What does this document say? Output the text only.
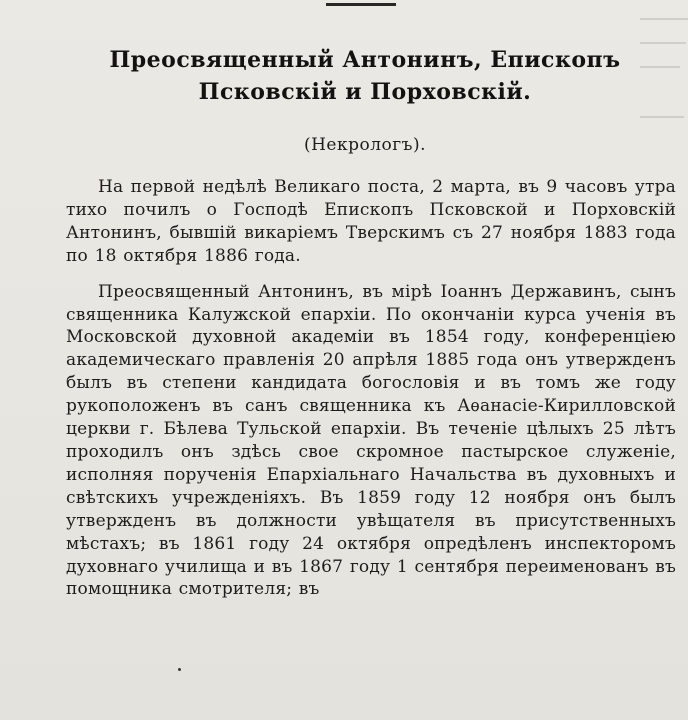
Преосвященный Антонинъ, Епископъ Псковскій и Порховскій.

(Некрологъ).

На первой недѣлѣ Великаго поста, 2 марта, въ 9 часовъ утра тихо почилъ о Господѣ Епископъ Псковской и Порховскій Антонинъ, бывшій викаріемъ Тверскимъ съ 27 ноября 1883 года по 18 октября 1886 года.

Преосвященный Антонинъ, въ мірѣ Іоаннъ Державинъ, сынъ священника Калужской епархіи. По окончаніи курса ученія въ Московской духовной академіи въ 1854 году, конференціею академическаго правленія 20 апрѣля 1885 года онъ утвержденъ былъ въ степени кандидата богословія и въ томъ же году рукоположенъ въ санъ священника къ Аѳанасіе-Кирилловской церкви г. Бѣлева Тульской епархіи. Въ теченіе цѣлыхъ 25 лѣтъ проходилъ онъ здѣсь свое скромное пастырское служеніе, исполняя порученія Епархіальнаго Начальства въ духовныхъ и свѣтскихъ учрежденіяхъ. Въ 1859 году 12 ноября онъ былъ утвержденъ въ должности увѣщателя въ присутственныхъ мѣстахъ; въ 1861 году 24 октября опредѣленъ инспекторомъ духовнаго училища и въ 1867 году 1 сентября переименованъ въ помощника смотрителя; въ
